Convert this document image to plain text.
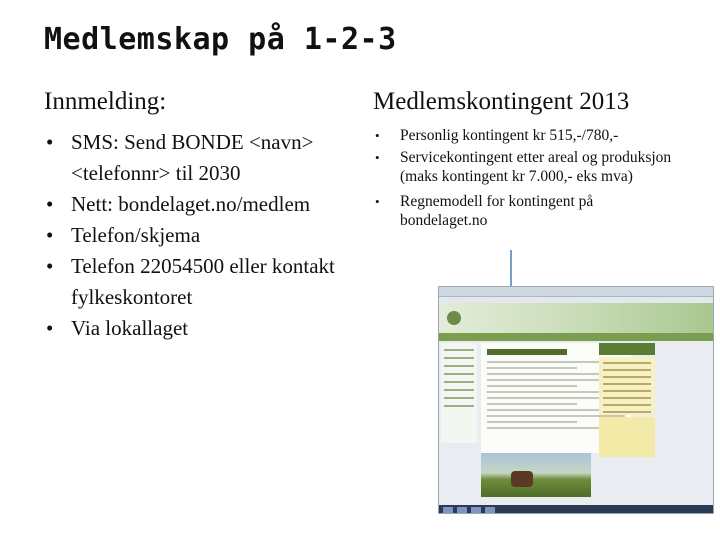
Medlemskap på 1-2-3
Innmelding:
• SMS: Send BONDE <navn> <telefonnr> til 2030
• Nett: bondelaget.no/medlem
• Telefon/skjema
• Telefon 22054500 eller kontakt fylkeskontoret
• Via lokallaget
Medlemskontingent 2013
• Personlig kontingent kr 515,-/780,-
• Servicekontingent etter areal og produksjon (maks kontingent kr 7.000,- eks mva)
• Regnemodell for kontingent på bondelaget.no
